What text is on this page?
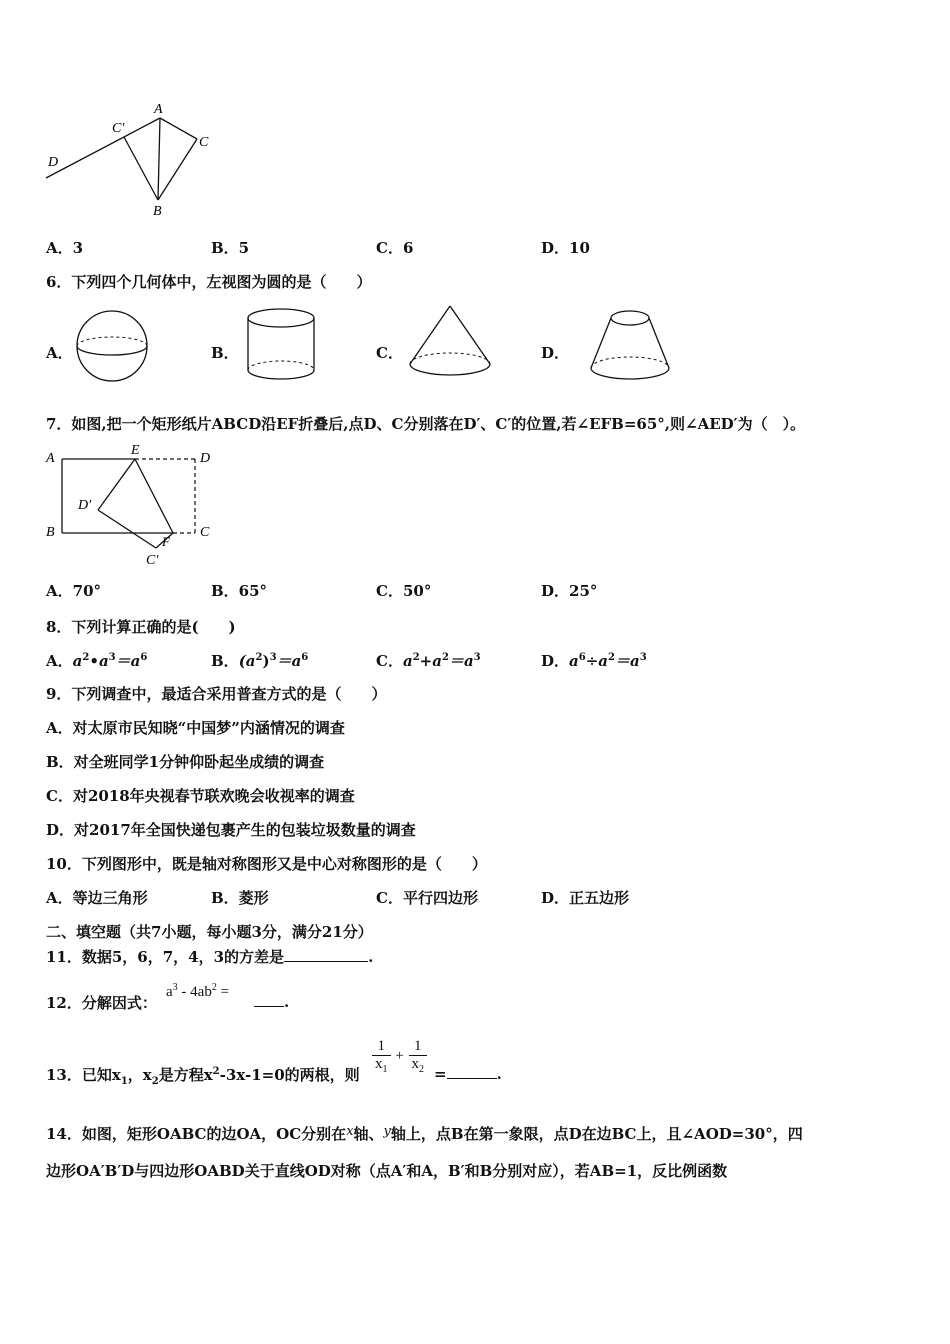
A
C′
C
D
B
A．3	B．5	C．6	D．10
6．下列四个几何体中，左视图为圆的是（　　）
A．	B．	C．	D．
7．如图,把一个矩形纸片ABCD沿EF折叠后,点D、C分别落在D′、C′的位置,若∠EFB=65°,则∠AED′为（　）。
A
E
D
D′
B	C
F
C′
A．70°	B．65°	C．50°	D．25°
8．下列计算正确的是(　　)
A．$a^2•a^3=a^6$	B．$(a^2)^3=a^6$	C．$a^2+a^2=a^3$	D．$a^6\div a^2=a^3$
9．下列调查中，最适合采用普查方式的是（　　）
A．对太原市民知晓“中国梦”内涵情况的调查
B．对全班同学1分钟仰卧起坐成绩的调查
C．对2018年央视春节联欢晚会收视率的调查
D．对2017年全国快递包裹产生的包装垃圾数量的调查
10．下列图形中，既是轴对称图形又是中心对称图形的是（　　）
A．等边三角形	B．菱形	C．平行四边形	D．正五边形
二、填空题（共7小题，每小题3分，满分21分）
11．数据5，6，7，4，3的方差是	.
12．分解因式：
$a^3 - 4ab^2$ =
.
13．已知$x_1$，$x_2$是方程$x^2-3x-1=0$的两根，则 $\frac{1}{x_1} + \frac{1}{x_2}$ =	.
14．如图，矩形OABC的边OA，OC分别在x轴、y轴上，点B在第一象限，点D在边BC上，且∠AOD=30°，四
边形OA′B′D与四边形OABD关于直线OD对称（点A′和A，B′和B分别对应），若AB=1，反比例函数
